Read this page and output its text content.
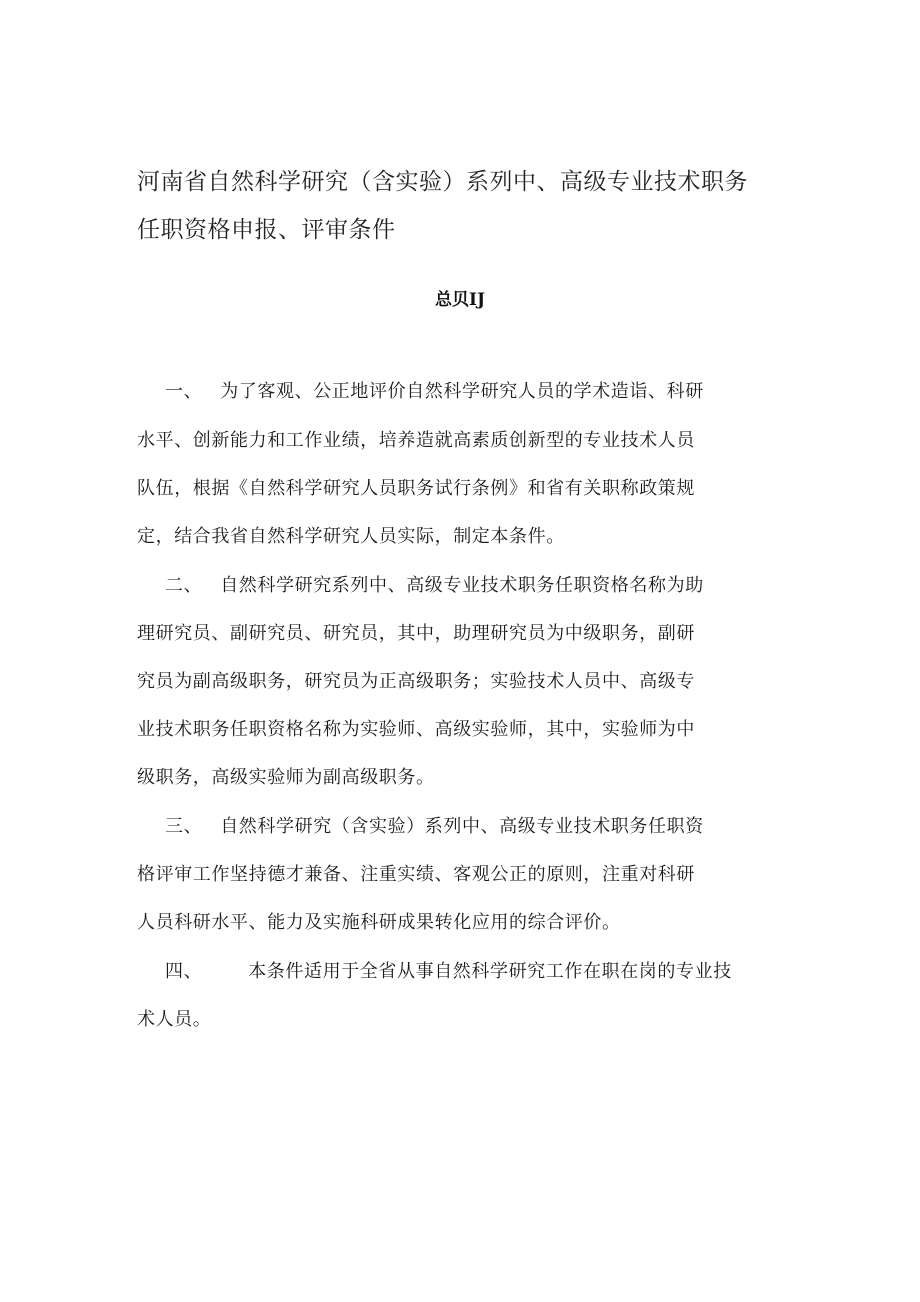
河南省自然科学研究（含实验）系列中、高级专业技术职务
任职资格申报、评审条件
总贝IJ
一、 为了客观、公正地评价自然科学研究人员的学术造诣、科研
水平、创新能力和工作业绩，培养造就高素质创新型的专业技术人员
队伍，根据《自然科学研究人员职务试行条例》和省有关职称政策规
定，结合我省自然科学研究人员实际，制定本条件。
二、 自然科学研究系列中、高级专业技术职务任职资格名称为助
理研究员、副研究员、研究员，其中，助理研究员为中级职务，副研
究员为副高级职务，研究员为正高级职务；实验技术人员中、高级专
业技术职务任职资格名称为实验师、高级实验师，其中，实验师为中
级职务，高级实验师为副高级职务。
三、 自然科学研究（含实验）系列中、高级专业技术职务任职资
格评审工作坚持德才兼备、注重实绩、客观公正的原则，注重对科研
人员科研水平、能力及实施科研成果转化应用的综合评价。
四、	本条件适用于全省从事自然科学研究工作在职在岗的专业技
术人员。
